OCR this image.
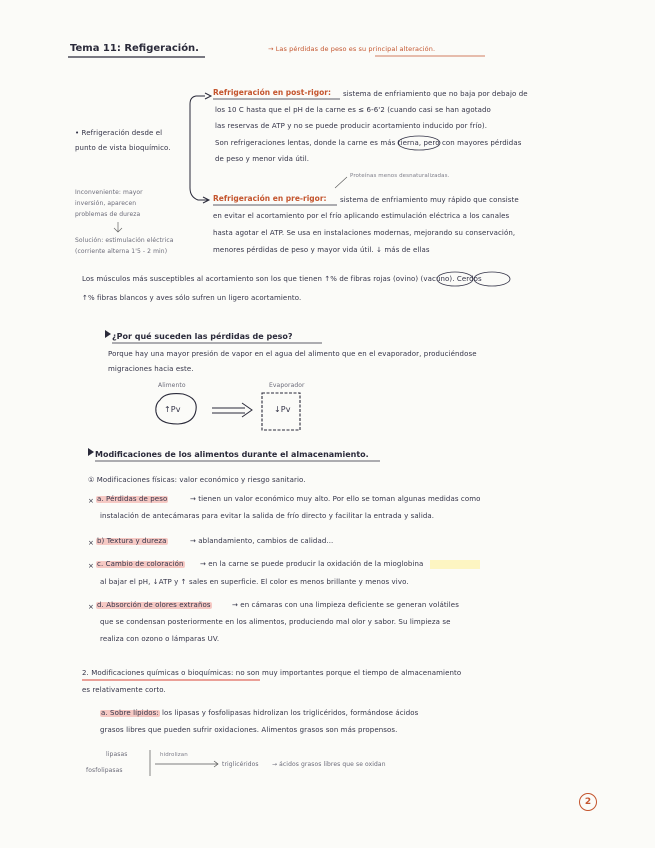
Tema 11: Refigeración.	→ Las pérdidas de peso es su principal alteración.
Refrigeración en post-rigor: sistema de enfriamiento que no baja por debajo de
los 10 C hasta que el pH de la carne es ≤ 6-6'2 (cuando casi se han agotado
las reservas de ATP y no se puede producir acortamiento inducido por frío).
Son refrigeraciones lentas, donde la carne es más tierna, pero con mayores pérdidas
de peso y menor vida útil.
• Refrigeración desde el
punto de vista bioquímico.
Proteínas menos desnaturalizadas.
Inconveniente: mayor
inversión, aparecen
problemas de dureza
Solución: estimulación eléctrica
(corriente alterna 1'5 - 2 min)
Refrigeración en pre-rigor: sistema de enfriamiento muy rápido que consiste
en evitar el acortamiento por el frío aplicando estimulación eléctrica a los canales
hasta agotar el ATP. Se usa en instalaciones modernas, mejorando su conservación,
menores pérdidas de peso y mayor vida útil. ↓ más de ellas
Los músculos más susceptibles al acortamiento son los que tienen ↑% de fibras rojas (ovino) (vacuno). Cerdos
↑% fibras blancos y aves sólo sufren un ligero acortamiento.
¿Por qué suceden las pérdidas de peso?
Porque hay una mayor presión de vapor en el agua del alimento que en el evaporador, produciéndose
migraciones hacia este.
Alimento	Evaporador
↑Pv	↓Pv
Modificaciones de los alimentos durante el almacenamiento.
① Modificaciones físicas: valor económico y riesgo sanitario.
a. Pérdidas de peso	→ tienen un valor económico muy alto. Por ello se toman algunas medidas como
instalación de antecámaras para evitar la salida de frío directo y facilitar la entrada y salida.
b) Textura y dureza	→ ablandamiento, cambios de calidad...
c. Cambio de coloración → en la carne se puede producir la oxidación de la mioglobina
al bajar el pH, ↓ATP y ↑ sales en superficie. El color es menos brillante y menos vivo.
d. Absorción de olores extraños	→ en cámaras con una limpieza deficiente se generan volátiles
que se condensan posteriormente en los alimentos, produciendo mal olor y sabor. Su limpieza se
realiza con ozono o lámparas UV.
2. Modificaciones químicas o bioquímicas: no son muy importantes porque el tiempo de almacenamiento
es relativamente corto.
a. Sobre lípidos: los lipasas y fosfolipasas hidrolizan los triglicéridos, formándose ácidos
grasos libres que pueden sufrir oxidaciones. Alimentos grasos son más propensos.
lipasas
fosfolipasas
hidrolizan
triglicéridos → ácidos grasos libres que se oxidan
2
×
×
×
×
